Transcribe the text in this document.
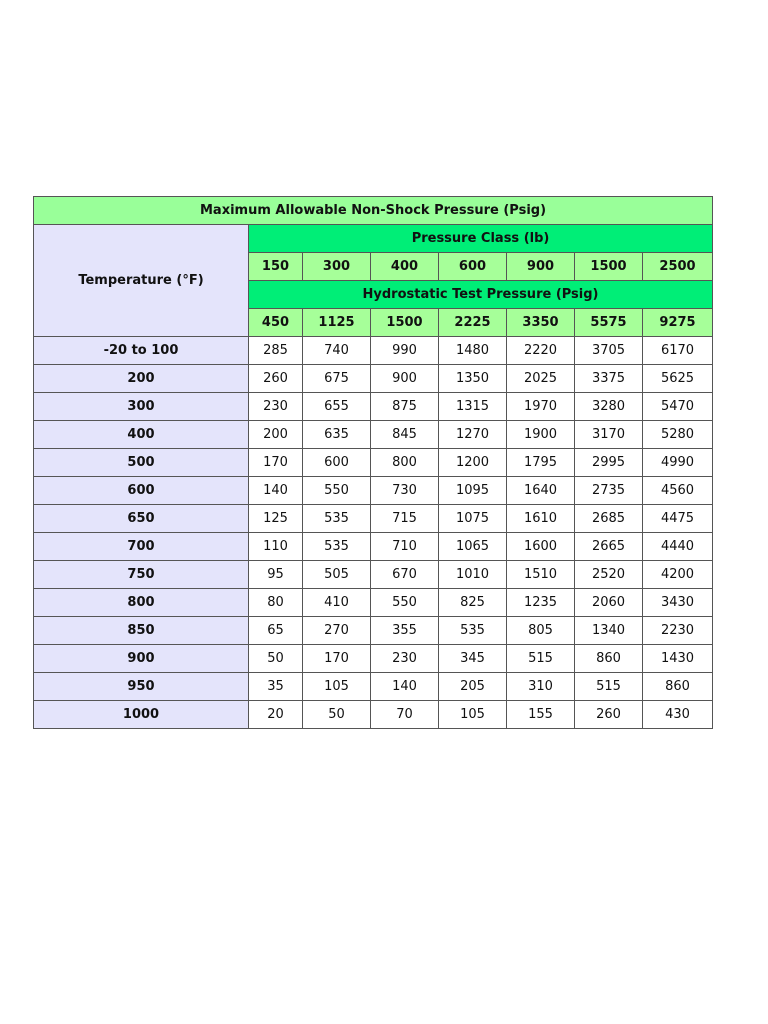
Maximum Allowable Non-Shock Pressure (Psig)							
Temperature (°F)	Pressure Class (lb)						
	150	300	400	600	900	1500	2500
	Hydrostatic Test Pressure (Psig)						
	450	1125	1500	2225	3350	5575	9275
-20 to 100	285	740	990	1480	2220	3705	6170
200	260	675	900	1350	2025	3375	5625
300	230	655	875	1315	1970	3280	5470
400	200	635	845	1270	1900	3170	5280
500	170	600	800	1200	1795	2995	4990
600	140	550	730	1095	1640	2735	4560
650	125	535	715	1075	1610	2685	4475
700	110	535	710	1065	1600	2665	4440
750	95	505	670	1010	1510	2520	4200
800	80	410	550	825	1235	2060	3430
850	65	270	355	535	805	1340	2230
900	50	170	230	345	515	860	1430
950	35	105	140	205	310	515	860
1000	20	50	70	105	155	260	430
